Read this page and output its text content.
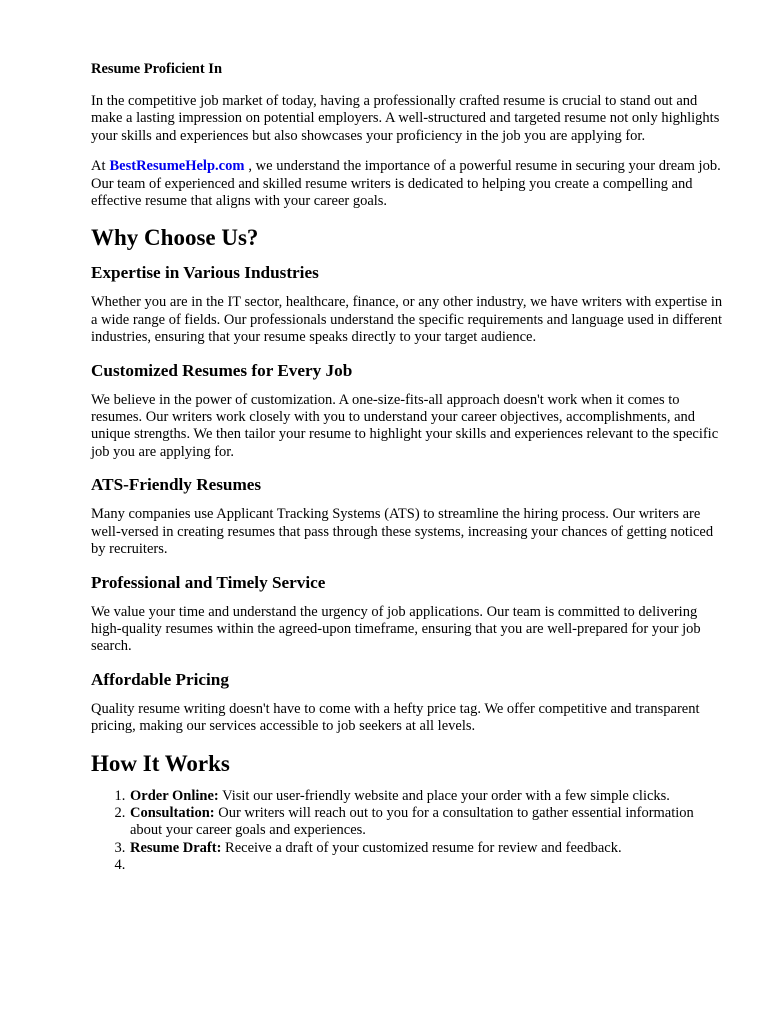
Resume Proficient In

In the competitive job market of today, having a professionally crafted resume is crucial to stand out and make a lasting impression on potential employers. A well-structured and targeted resume not only highlights your skills and experiences but also showcases your proficiency in the job you are applying for.

At BestResumeHelp.com , we understand the importance of a powerful resume in securing your dream job. Our team of experienced and skilled resume writers is dedicated to helping you create a compelling and effective resume that aligns with your career goals.

Why Choose Us?
Expertise in Various Industries

Whether you are in the IT sector, healthcare, finance, or any other industry, we have writers with expertise in a wide range of fields. Our professionals understand the specific requirements and language used in different industries, ensuring that your resume speaks directly to your target audience.

Customized Resumes for Every Job

We believe in the power of customization. A one-size-fits-all approach doesn't work when it comes to resumes. Our writers work closely with you to understand your career objectives, accomplishments, and unique strengths. We then tailor your resume to highlight your skills and experiences relevant to the specific job you are applying for.

ATS-Friendly Resumes

Many companies use Applicant Tracking Systems (ATS) to streamline the hiring process. Our writers are well-versed in creating resumes that pass through these systems, increasing your chances of getting noticed by recruiters.

Professional and Timely Service

We value your time and understand the urgency of job applications. Our team is committed to delivering high-quality resumes within the agreed-upon timeframe, ensuring that you are well-prepared for your job search.

Affordable Pricing

Quality resume writing doesn't have to come with a hefty price tag. We offer competitive and transparent pricing, making our services accessible to job seekers at all levels.

How It Works
1. Order Online: Visit our user-friendly website and place your order with a few simple clicks.
2. Consultation: Our writers will reach out to you for a consultation to gather essential information about your career goals and experiences.
3. Resume Draft: Receive a draft of your customized resume for review and feedback.
4.
